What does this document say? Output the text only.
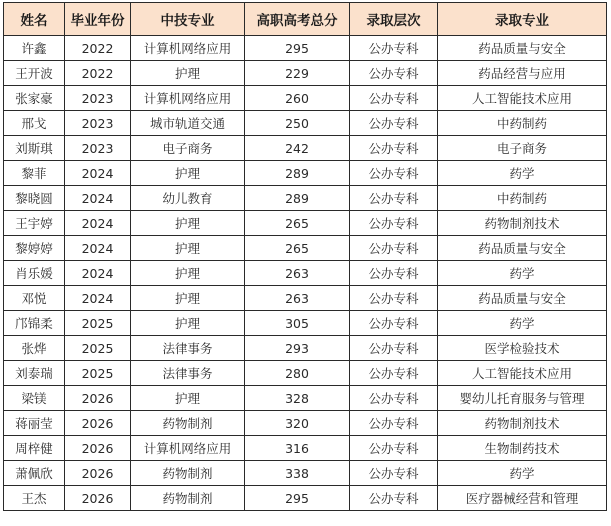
姓名	毕业年份	中技专业	高职高考总分	录取层次	录取专业
许鑫	2022	计算机网络应用	295	公办专科	药品质量与安全
王开波	2022	护理	229	公办专科	药品经营与应用
张家豪	2023	计算机网络应用	260	公办专科	人工智能技术应用
邢戈	2023	城市轨道交通	250	公办专科	中药制药
刘斯琪	2023	电子商务	242	公办专科	电子商务
黎菲	2024	护理	289	公办专科	药学
黎晓圆	2024	幼儿教育	289	公办专科	中药制药
王宇婷	2024	护理	265	公办专科	药物制剂技术
黎婷婷	2024	护理	265	公办专科	药品质量与安全
肖乐媛	2024	护理	263	公办专科	药学
邓悦	2024	护理	263	公办专科	药品质量与安全
邝锦柔	2025	护理	305	公办专科	药学
张烨	2025	法律事务	293	公办专科	医学检验技术
刘泰瑞	2025	法律事务	280	公办专科	人工智能技术应用
梁镁	2026	护理	328	公办专科	婴幼儿托育服务与管理
蒋丽莹	2026	药物制剂	320	公办专科	药物制剂技术
周梓健	2026	计算机网络应用	316	公办专科	生物制药技术
萧佩欣	2026	药物制剂	338	公办专科	药学
王杰	2026	药物制剂	295	公办专科	医疗器械经营和管理
